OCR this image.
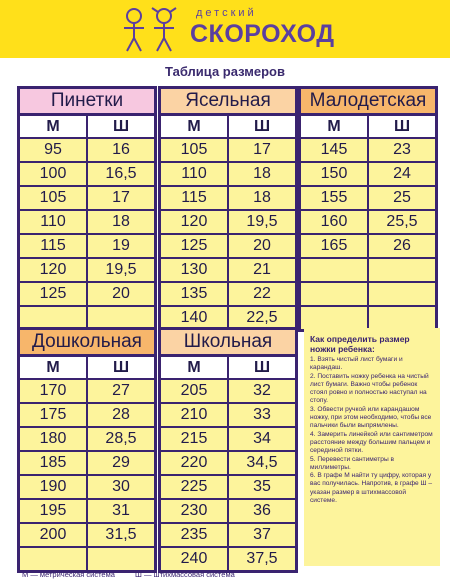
детский
СКОРОХОД
Таблица размеров
Пинетки
М	Ш
95	16
100	16,5
105	17
110	18
115	19
120	19,5
125	20
Ясельная
М	Ш
105	17
110	18
115	18
120	19,5
125	20
130	21
135	22
140	22,5
Малодетская
М	Ш
145	23
150	24
155	25
160	25,5
165	26
Дошкольная
М	Ш
170	27
175	28
180	28,5
185	29
190	30
195	31
200	31,5
Школьная
М	Ш
205	32
210	33
215	34
220	34,5
225	35
230	36
235	37
240	37,5
Как определить размер ножки ребенка:
1. Взять чистый лист бумаги и карандаш.
2. Поставить ножку ребенка на чистый лист бумаги. Важно чтобы ребенок стоял ровно и полностью наступал на стопу.
3. Обвести ручкой или карандашом ножку, при этом необходимо, чтобы все пальчики были выпрямлены.
4. Замерить линейкой или сантиметром расстояние между большим пальцем и серединой пятки.
5. Перевести сантиметры в миллиметры.
6. В графе М найти ту цифру, которая у вас получилась. Напротив, в графе Ш – указан размер в штихмассовой системе.
М — метрическая система	Ш — штихмассовая система
